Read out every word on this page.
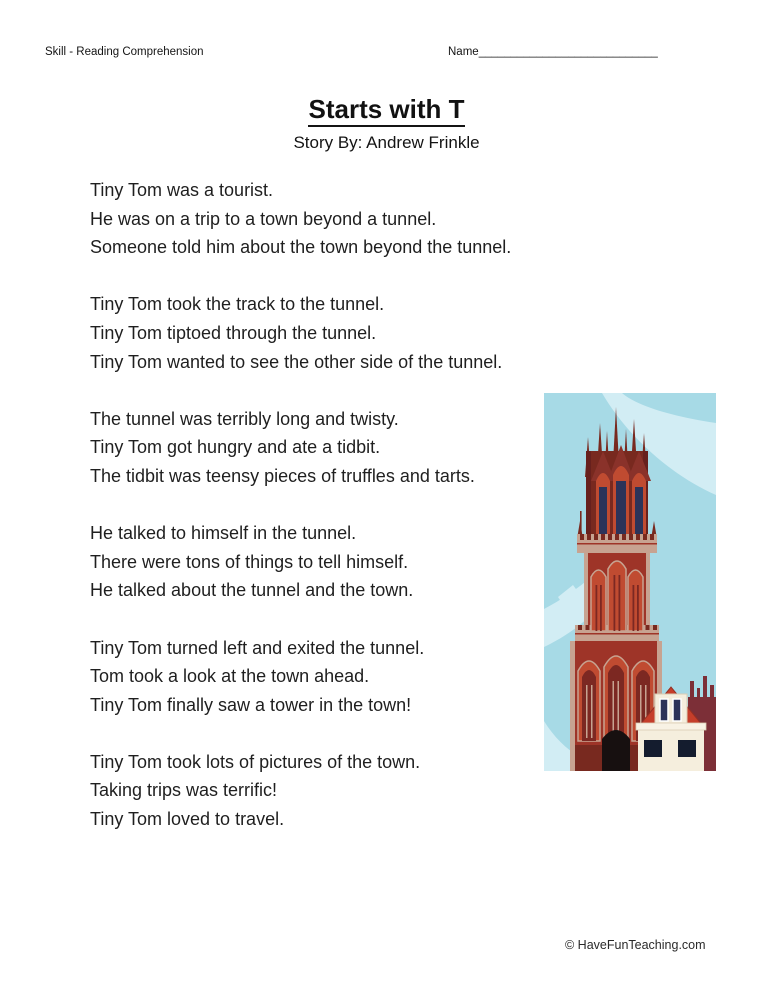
Skill - Reading Comprehension	Name____________________________
Starts with T
Story By: Andrew Frinkle
Tiny Tom was a tourist.
He was on a trip to a town beyond a tunnel.
Someone told him about the town beyond the tunnel.
Tiny Tom took the track to the tunnel.
Tiny Tom tiptoed through the tunnel.
Tiny Tom wanted to see the other side of the tunnel.
The tunnel was terribly long and twisty.
Tiny Tom got hungry and ate a tidbit.
The tidbit was teensy pieces of truffles and tarts.
He talked to himself in the tunnel.
There were tons of things to tell himself.
He talked about the tunnel and the town.
Tiny Tom turned left and exited the tunnel.
Tom took a look at the town ahead.
Tiny Tom finally saw a tower in the town!
Tiny Tom took lots of pictures of the town.
Taking trips was terrific!
Tiny Tom loved to travel.
© HaveFunTeaching.com
